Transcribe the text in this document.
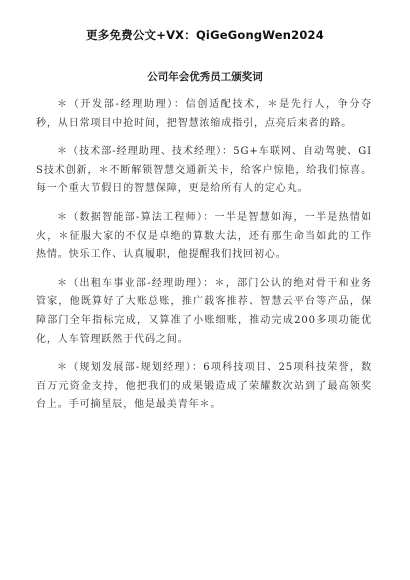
更多免费公文+VX：QiGeGongWen2024
公司年会优秀员工颁奖词

＊（开发部-经理助理）：信创适配技术，＊是先行人，争分夺秒，从日常项目中抢时间，把智慧浓缩成指引，点亮后来者的路。

＊（技术部-经理助理、技术经理）：5G+车联网、自动驾驶、GIS技术创新，＊不断解锁智慧交通新关卡，给客户惊艳，给我们惊喜。每一个重大节假日的智慧保障，更是给所有人的定心丸。

＊（数据智能部-算法工程师）：一半是智慧如海，一半是热情如火，＊征服大家的不仅是卓绝的算数大法，还有那生命当如此的工作热情。快乐工作、认真履职，他提醒我们找回初心。

＊（出租车事业部-经理助理）：＊，部门公认的绝对骨干和业务管家，他既算好了大账总账，推广载客推荐、智慧云平台等产品，保障部门全年指标完成，又算准了小账细账，推动完成200多项功能优化，人车管理跃然于代码之间。

＊（规划发展部-规划经理）：6项科技项目、25项科技荣誉，数百万元资金支持，他把我们的成果锻造成了荣耀数次站到了最高领奖台上。手可摘星辰，他是最美青年＊。
